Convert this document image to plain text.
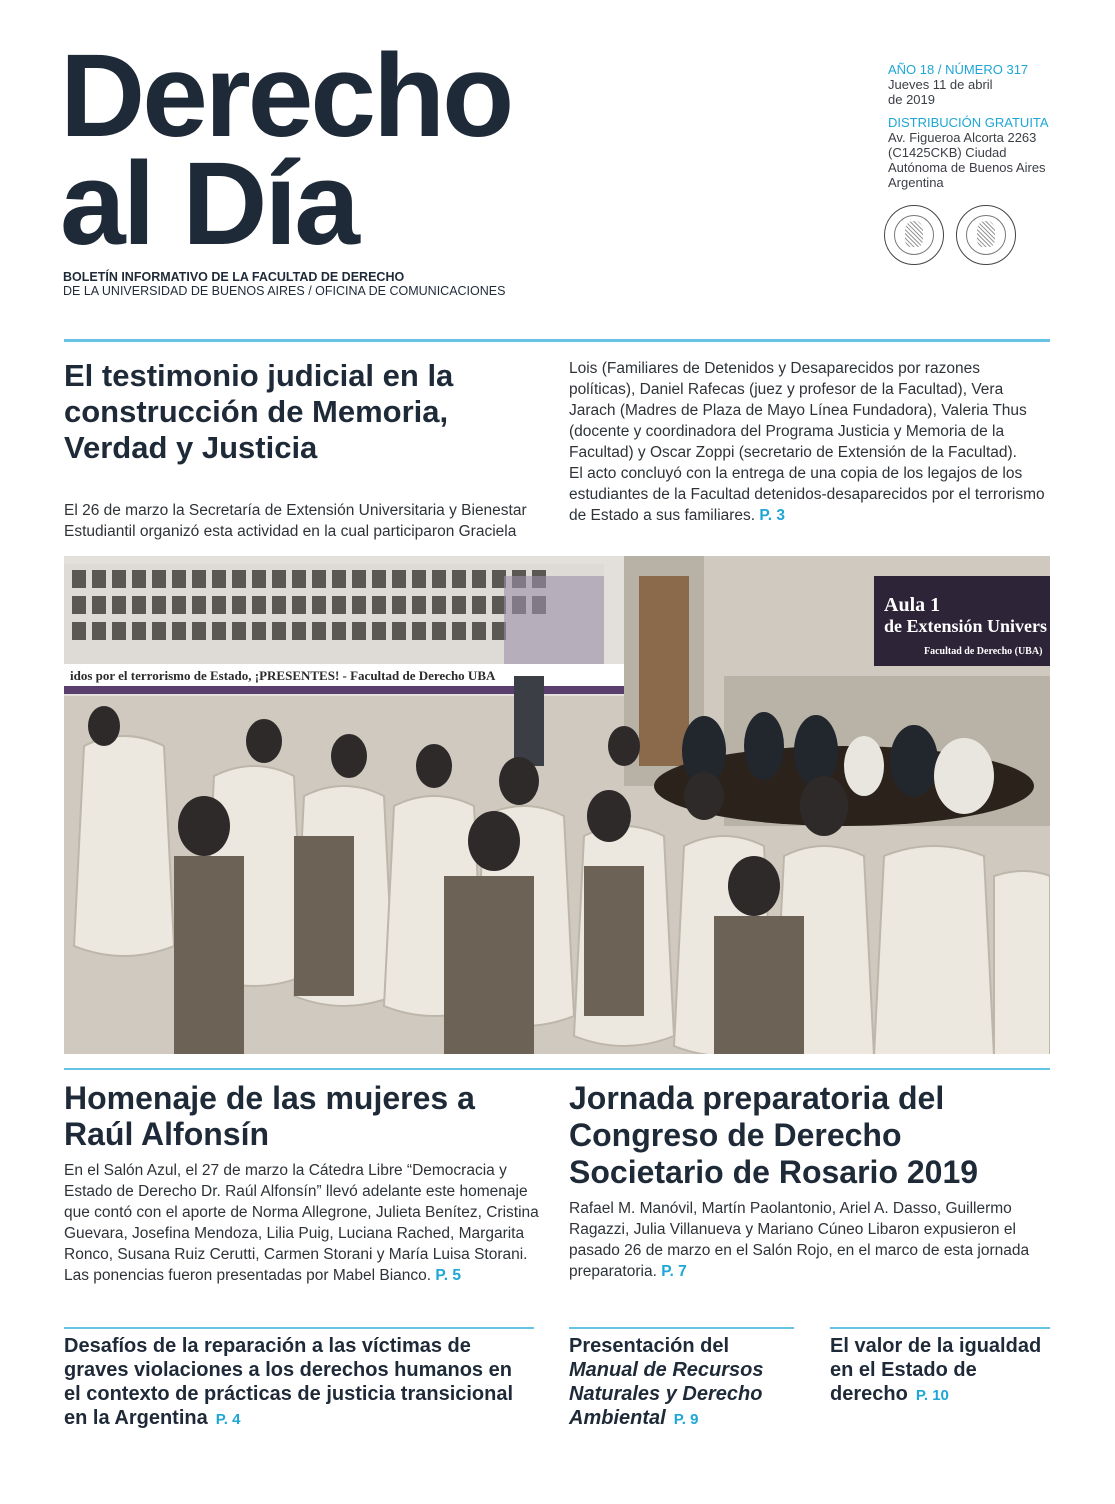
Derecho
al Día
BOLETÍN INFORMATIVO DE LA FACULTAD DE DERECHO
DE LA UNIVERSIDAD DE BUENOS AIRES / OFICINA DE COMUNICACIONES
AÑO 18 / NÚMERO 317
Jueves 11 de abril
de 2019
DISTRIBUCIÓN GRATUITA
Av. Figueroa Alcorta 2263
(C1425CKB) Ciudad
Autónoma de Buenos Aires
Argentina
El testimonio judicial en la construcción de Memoria, Verdad y Justicia

El 26 de marzo la Secretaría de Extensión Universitaria y Bienestar Estudiantil organizó esta actividad en la cual participaron Graciela

Lois (Familiares de Detenidos y Desaparecidos por razones políticas), Daniel Rafecas (juez y profesor de la Facultad), Vera Jarach (Madres de Plaza de Mayo Línea Fundadora), Valeria Thus (docente y coordinadora del Programa Justicia y Memoria de la Facultad) y Oscar Zoppi (secretario de Extensión de la Facultad).

El acto concluyó con la entrega de una copia de los legajos de los estudiantes de la Facultad detenidos-desaparecidos por el terrorismo de Estado a sus familiares. P. 3

idos por el terrorismo de Estado, ¡PRESENTES! - Facultad de Derecho UBA
Aula 1
de Extensión Univers
Facultad de Derecho (UBA)
Homenaje de las mujeres a Raúl Alfonsín

En el Salón Azul, el 27 de marzo la Cátedra Libre “Democracia y Estado de Derecho Dr. Raúl Alfonsín” llevó adelante este homenaje que contó con el aporte de Norma Allegrone, Julieta Benítez, Cristina Guevara, Josefina Mendoza, Lilia Puig, Luciana Rached, Margarita Ronco, Susana Ruiz Cerutti, Carmen Storani y María Luisa Storani. Las ponencias fueron presentadas por Mabel Bianco. P. 5

Jornada preparatoria del Congreso de Derecho Societario de Rosario 2019

Rafael M. Manóvil, Martín Paolantonio, Ariel A. Dasso, Guillermo Ragazzi, Julia Villanueva y Mariano Cúneo Libaron expusieron el pasado 26 de marzo en el Salón Rojo, en el marco de esta jornada preparatoria. P. 7

Desafíos de la reparación a las víctimas de graves violaciones a los derechos humanos en el contexto de prácticas de justicia transicional en la Argentina P. 4
Presentación del
Manual de Recursos Naturales y Derecho Ambiental P. 9
El valor de la igualdad en el Estado de derecho P. 10
